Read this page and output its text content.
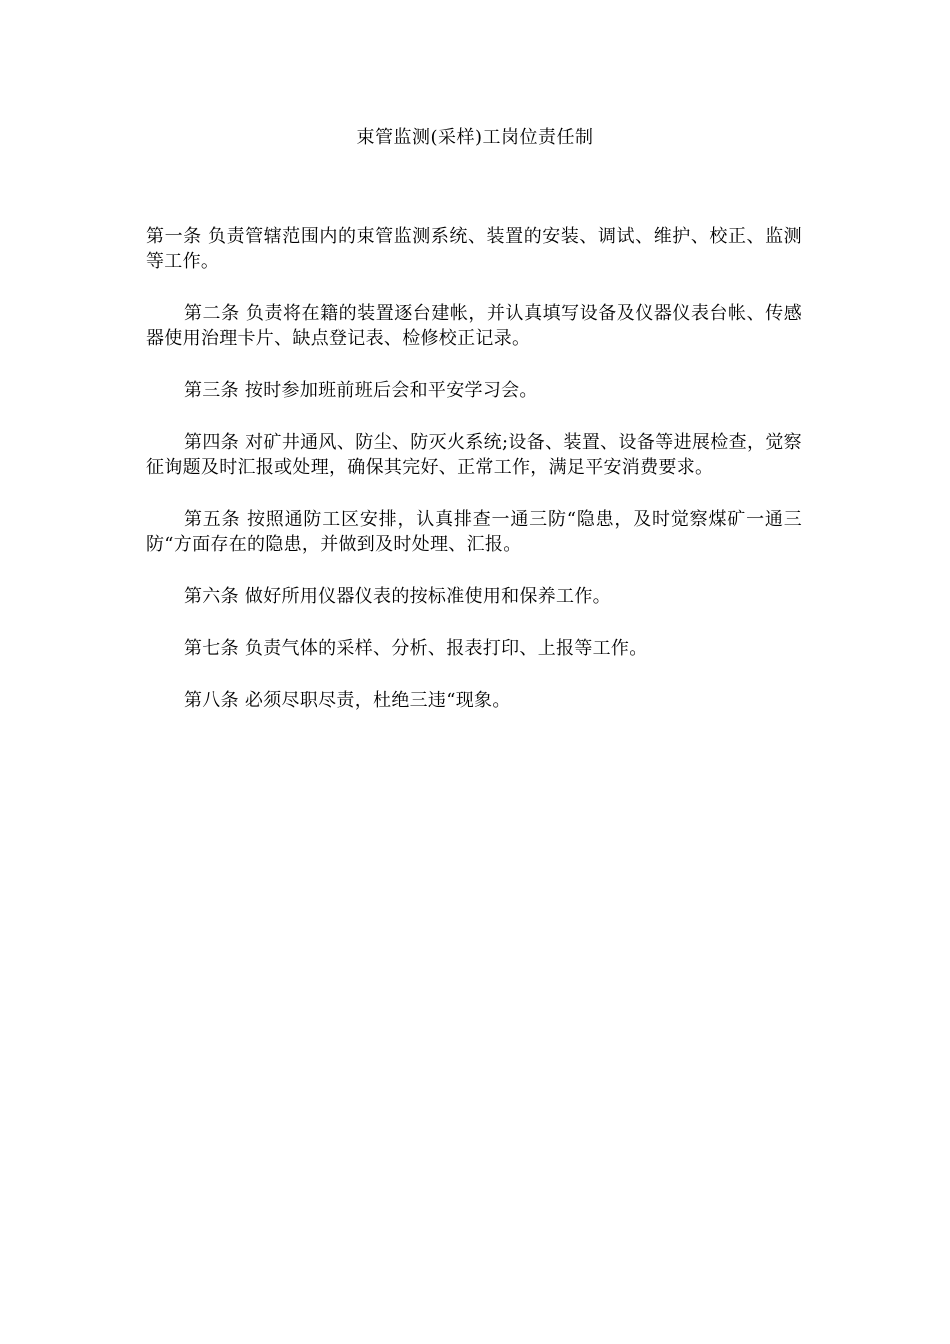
束管监测(采样)工岗位责任制

第一条 负责管辖范围内的束管监测系统、装置的安装、调试、维护、校正、监测等工作。

第二条 负责将在籍的装置逐台建帐，并认真填写设备及仪器仪表台帐、传感器使用治理卡片、缺点登记表、检修校正记录。

第三条 按时参加班前班后会和平安学习会。

第四条 对矿井通风、防尘、防灭火系统;设备、装置、设备等进展检查，觉察征询题及时汇报或处理，确保其完好、正常工作，满足平安消费要求。

第五条 按照通防工区安排，认真排查一通三防“隐患，及时觉察煤矿一通三防“方面存在的隐患，并做到及时处理、汇报。

第六条 做好所用仪器仪表的按标准使用和保养工作。

第七条 负责气体的采样、分析、报表打印、上报等工作。

第八条 必须尽职尽责，杜绝三违“现象。
